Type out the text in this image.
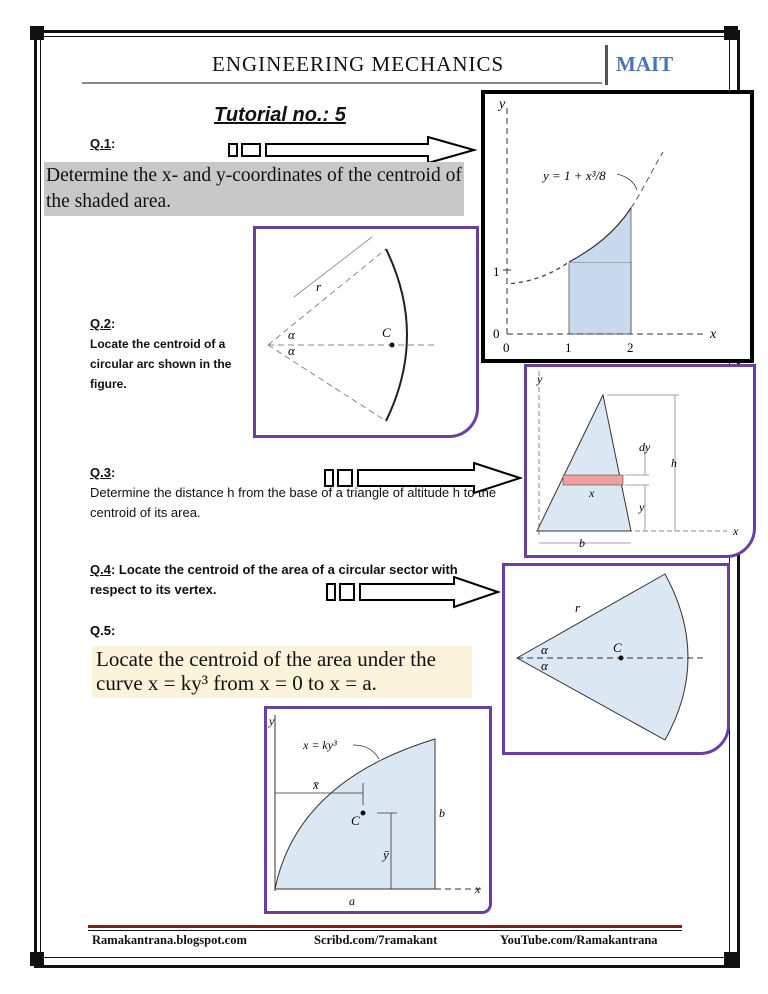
ENGINEERING MECHANICS	MAIT
Tutorial no.: 5
Q.1:
Determine the x- and y-coordinates of the centroid of the shaded area.
y
x
1
0
0	1	2
y = 1 + x³/8
r
α
α
C
Q.2:
Locate the centroid of a circular arc shown in the figure.
Q.3:
Determine the distance h from the base of a triangle of altitude h to the centroid of its area.
y
x
dy
h
x
y
b
Q.4: Locate the centroid of the area of a circular sector with respect to its vertex.
r
α
α
C
Q.5:
Locate the centroid of the area under the curve x = ky³ from x = 0 to x = a.
y
x
x = ky³
x̄
ȳ
C
a
b
Ramakantrana.blogspot.com	Scribd.com/7ramakant	YouTube.com/Ramakantrana
